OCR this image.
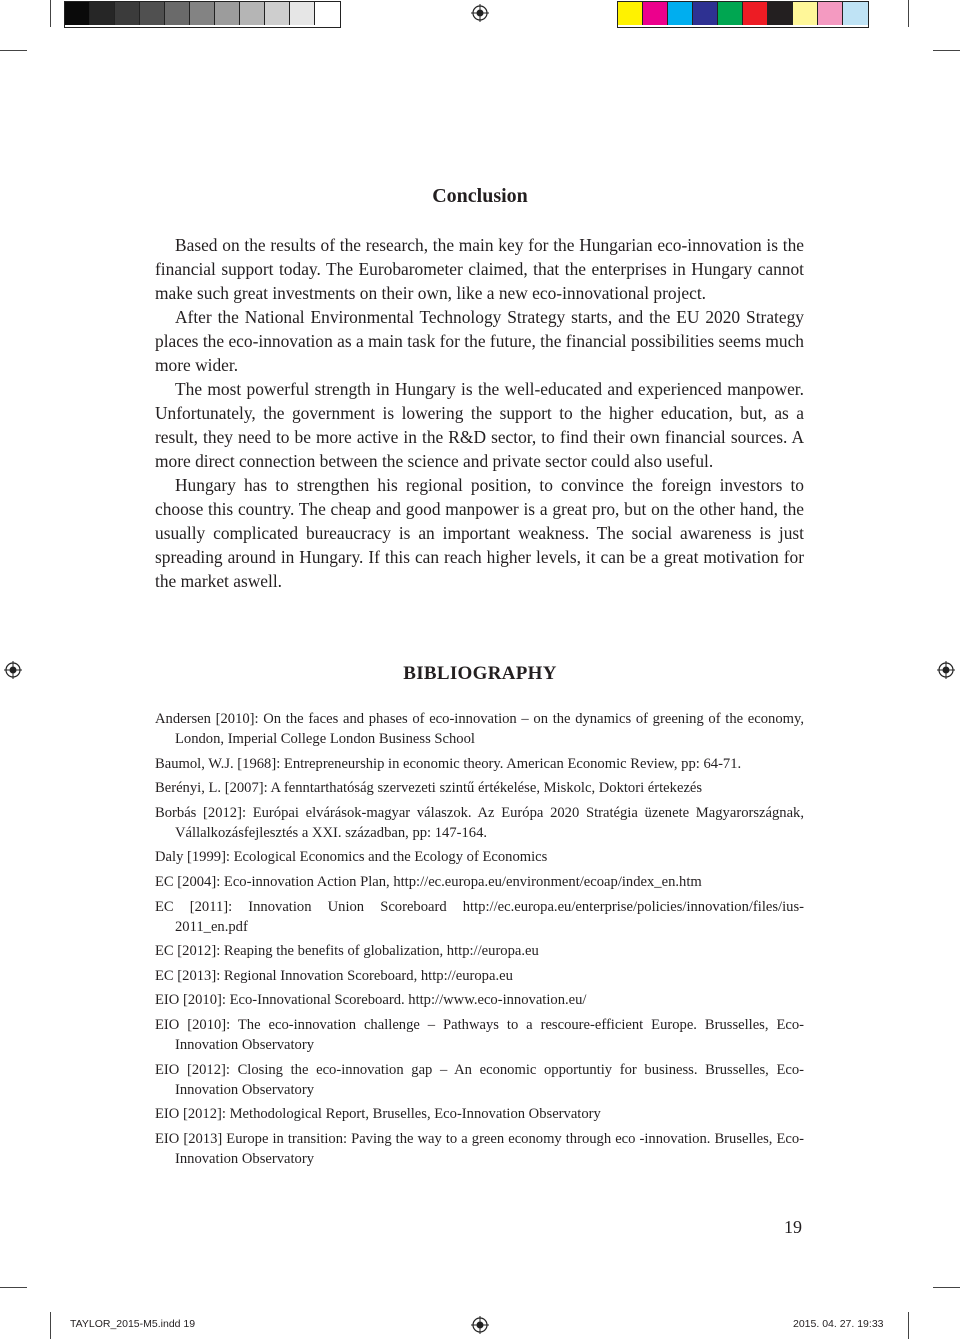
Conclusion

Based on the results of the research, the main key for the Hungarian eco-innovation is the financial support today. The Eurobarometer claimed, that the enterprises in Hungary cannot make such great investments on their own, like a new eco-innovational project.

After the National Environmental Technology Strategy starts, and the EU 2020 Strategy places the eco-innovation as a main task for the future, the financial possibilities seems much more wider.

The most powerful strength in Hungary is the well-educated and experienced manpower. Unfortunately, the government is lowering the support to the higher education, but, as a result, they need to be more active in the R&D sector, to find their own financial sources. A more direct connection between the science and private sector could also useful.

Hungary has to strengthen his regional position, to convince the foreign investors to choose this country. The cheap and good manpower is a great pro, but on the other hand, the usually complicated bureaucracy is an important weakness. The social awareness is just spreading around in Hungary. If this can reach higher levels, it can be a great motivation for the market aswell.

BIBLIOGRAPHY

Andersen [2010]: On the faces and phases of eco-innovation – on the dynamics of greening of the economy, London, Imperial College London Business School

Baumol, W.J. [1968]: Entrepreneurship in economic theory. American Economic Review, pp: 64-71.

Berényi, L. [2007]: A fenntarthatóság szervezeti szintű értékelése, Miskolc, Doktori értekezés

Borbás [2012]: Európai elvárások-magyar válaszok. Az Európa 2020 Stratégia üzenete Magyarországnak, Vállalkozásfejlesztés a XXI. században, pp: 147-164.

Daly [1999]: Ecological Economics and the Ecology of Economics

EC [2004]: Eco-innovation Action Plan, http://ec.europa.eu/environment/ecoap/index_en.htm

EC [2011]: Innovation Union Scoreboard http://ec.europa.eu/enterprise/policies/innovation/files/ius-2011_en.pdf

EC [2012]: Reaping the benefits of globalization, http://europa.eu

EC [2013]: Regional Innovation Scoreboard, http://europa.eu

EIO [2010]: Eco-Innovational Scoreboard. http://www.eco-innovation.eu/

EIO [2010]: The eco-innovation challenge – Pathways to a rescoure-efficient Europe. Brusselles, Eco-Innovation Observatory

EIO [2012]: Closing the eco-innovation gap – An economic opportuntiy for business. Brusselles, Eco-Innovation Observatory

EIO [2012]: Methodological Report, Bruselles, Eco-Innovation Observatory

EIO [2013] Europe in transition: Paving the way to a green economy through eco -innovation. Bruselles, Eco-Innovation Observatory

19
TAYLOR_2015-M5.indd 19	2015. 04. 27. 19:33
